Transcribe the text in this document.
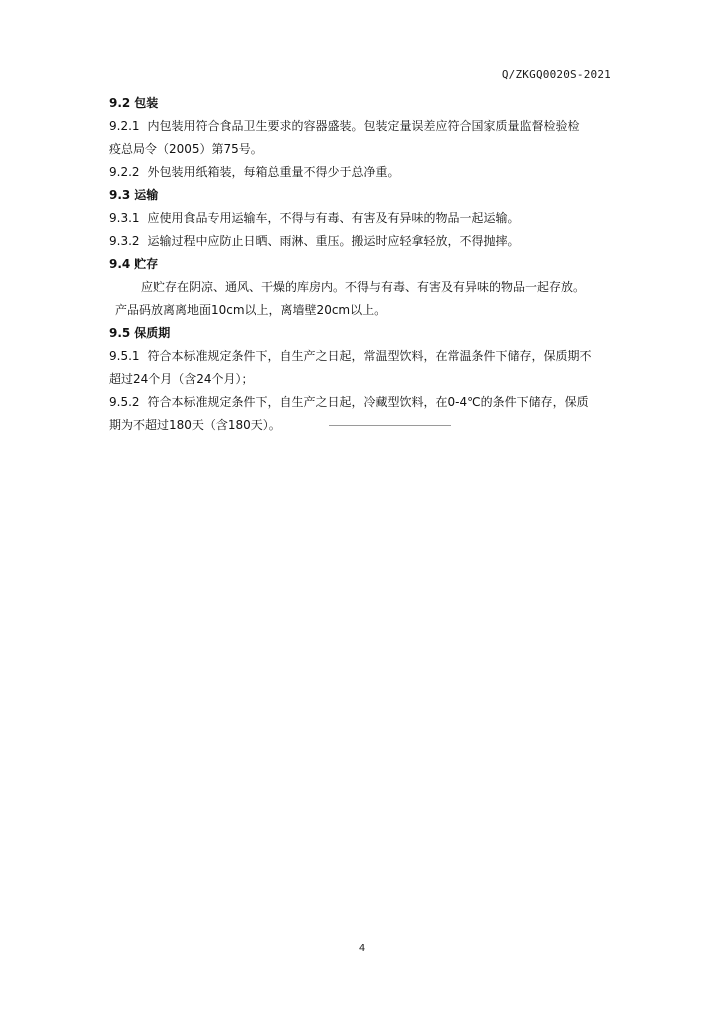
Q/ZKGQ0020S-2021
9.2 包装
9.2.1 内包装用符合食品卫生要求的容器盛装。包装定量误差应符合国家质量监督检验检
疫总局令（2005）第75号。
9.2.2 外包装用纸箱装，每箱总重量不得少于总净重。
9.3 运输
9.3.1 应使用食品专用运输车，不得与有毒、有害及有异味的物品一起运输。
9.3.2 运输过程中应防止日晒、雨淋、重压。搬运时应轻拿轻放，不得抛摔。
9.4 贮存
应贮存在阴凉、通风、干燥的库房内。不得与有毒、有害及有异味的物品一起存放。
产品码放离离地面10cm以上，离墙壁20cm以上。
9.5 保质期
9.5.1 符合本标准规定条件下，自生产之日起，常温型饮料，在常温条件下储存，保质期不
超过24个月（含24个月）；
9.5.2 符合本标准规定条件下，自生产之日起，冷藏型饮料，在0-4℃的条件下储存，保质
期为不超过180天（含180天）。
4
